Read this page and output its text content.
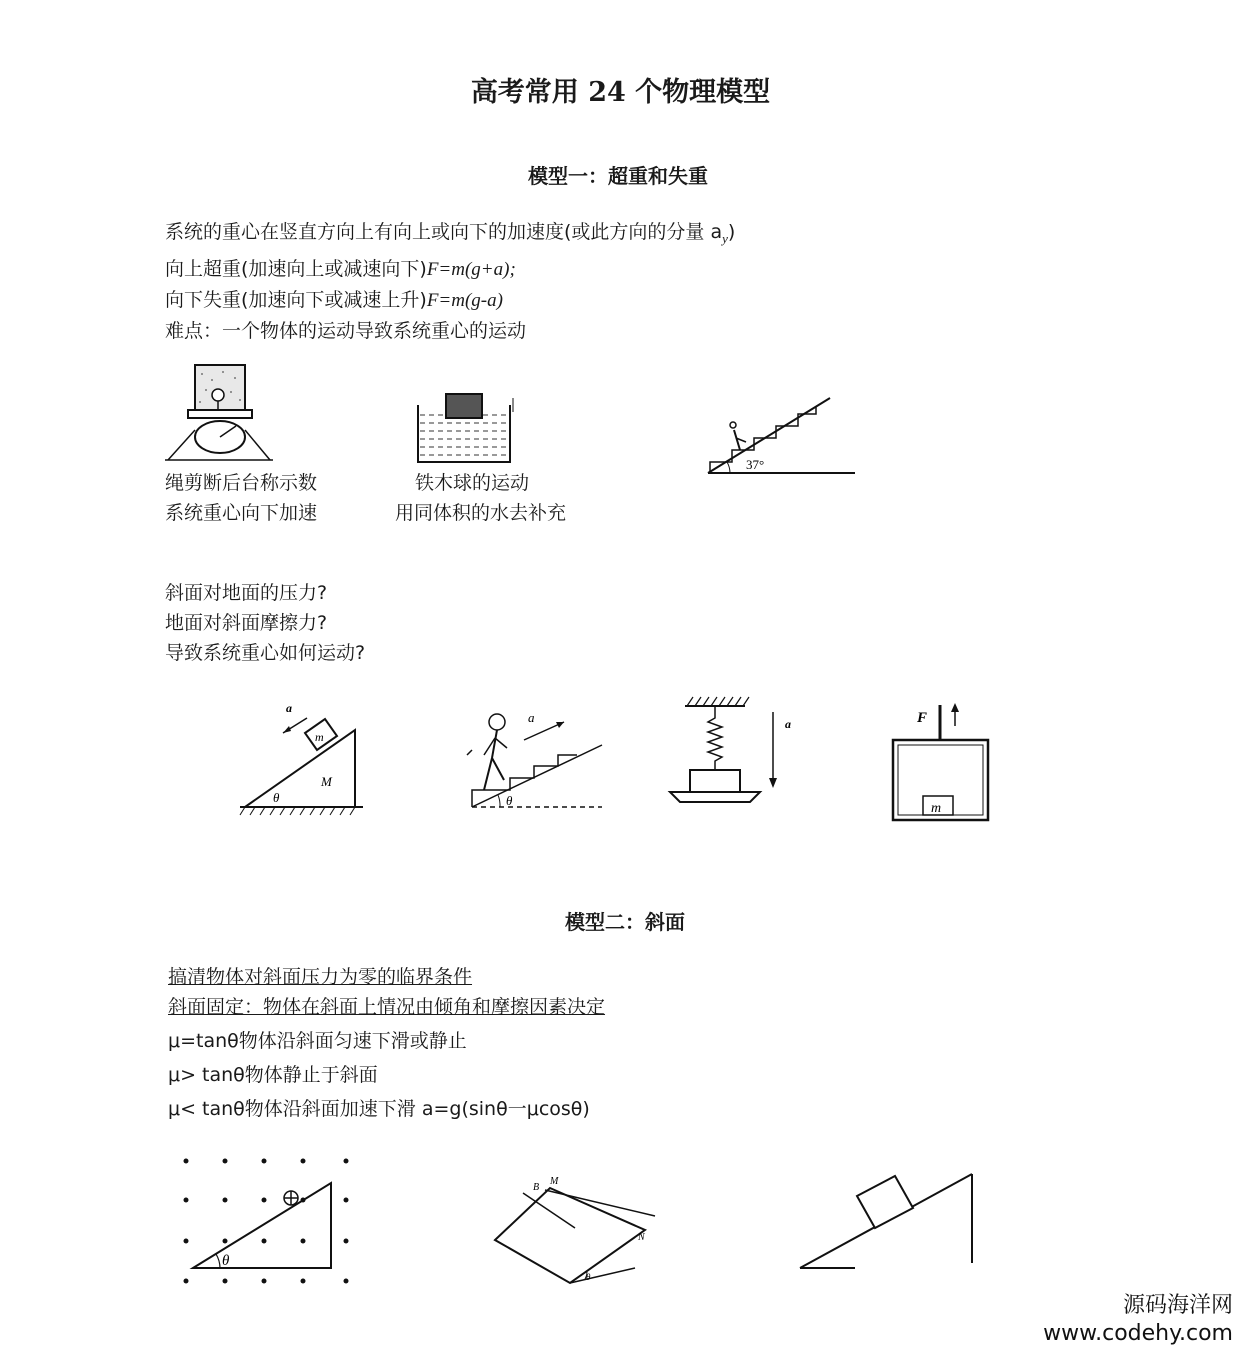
高考常用 24 个物理模型
模型一：超重和失重
系统的重心在竖直方向上有向上或向下的加速度(或此方向的分量 $a_y$)
向上超重(加速向上或减速向下)F=m(g+a);
向下失重(加速向下或减速上升)F=m(g-a)
难点：一个物体的运动导致系统重心的运动
绳剪断后台称示数
系统重心向下加速
铁木球的运动
用同体积的水去补充
37°
斜面对地面的压力?
地面对斜面摩擦力?
导致系统重心如何运动?
m
M
θ
a
θ
a	a	F
m
模型二：斜面
搞清物体对斜面压力为零的临界条件
斜面固定：物体在斜面上情况由倾角和摩擦因素决定
μ=tanθ物体沿斜面匀速下滑或静止
μ> tanθ物体静止于斜面
μ< tanθ物体沿斜面加速下滑 a=g(sinθ一μcosθ)
θ
B
M
N
θ
源码海洋网
www.codehy.com
